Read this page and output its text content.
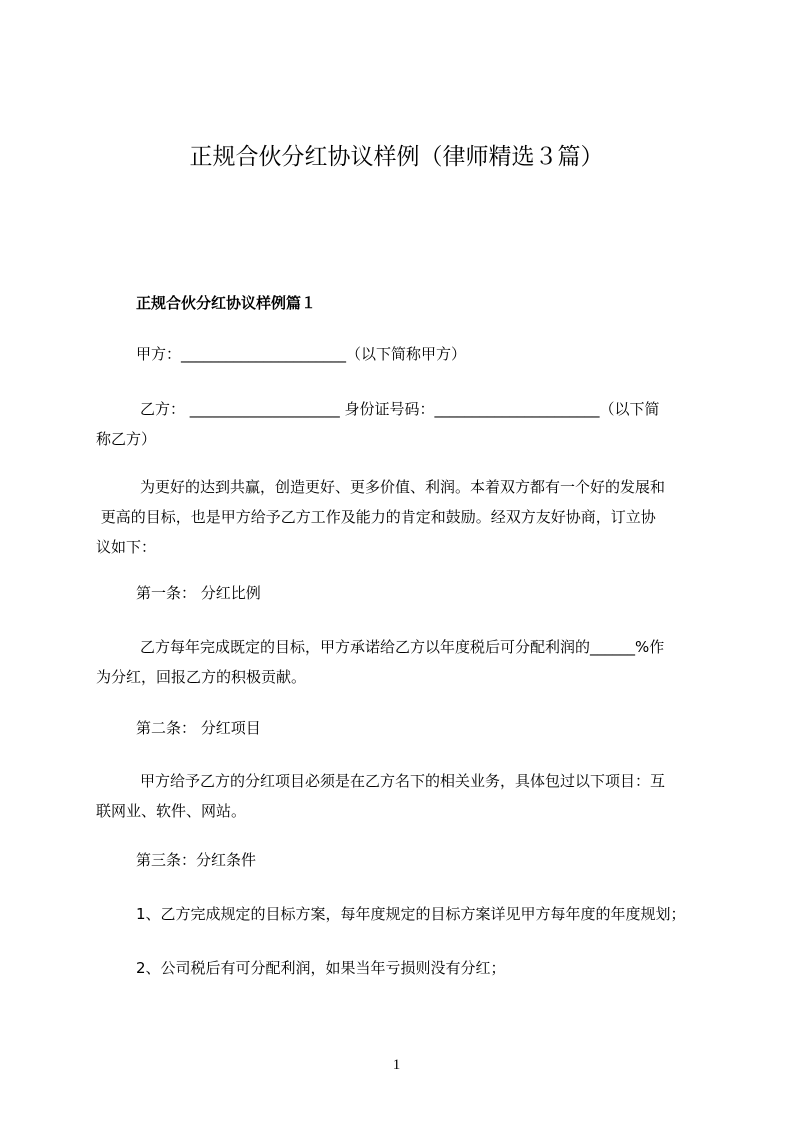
正规合伙分红协议样例（律师精选３篇）
正规合伙分红协议样例篇１
甲方：______________________（以下简称甲方）
乙方： ____________________ 身份证号码：______________________（以下简
称乙方）
为更好的达到共赢，创造更好、更多价值、利润。本着双方都有一个好的发展和
更高的目标，也是甲方给予乙方工作及能力的肯定和鼓励。经双方友好协商，订立协
议如下：
第一条： 分红比例
乙方每年完成既定的目标，甲方承诺给乙方以年度税后可分配利润的______%作
为分红，回报乙方的积极贡献。
第二条： 分红项目
甲方给予乙方的分红项目必须是在乙方名下的相关业务，具体包过以下项目：互
联网业、软件、网站。
第三条：分红条件
1、乙方完成规定的目标方案，每年度规定的目标方案详见甲方每年度的年度规划；
2、公司税后有可分配利润，如果当年亏损则没有分红；
1
